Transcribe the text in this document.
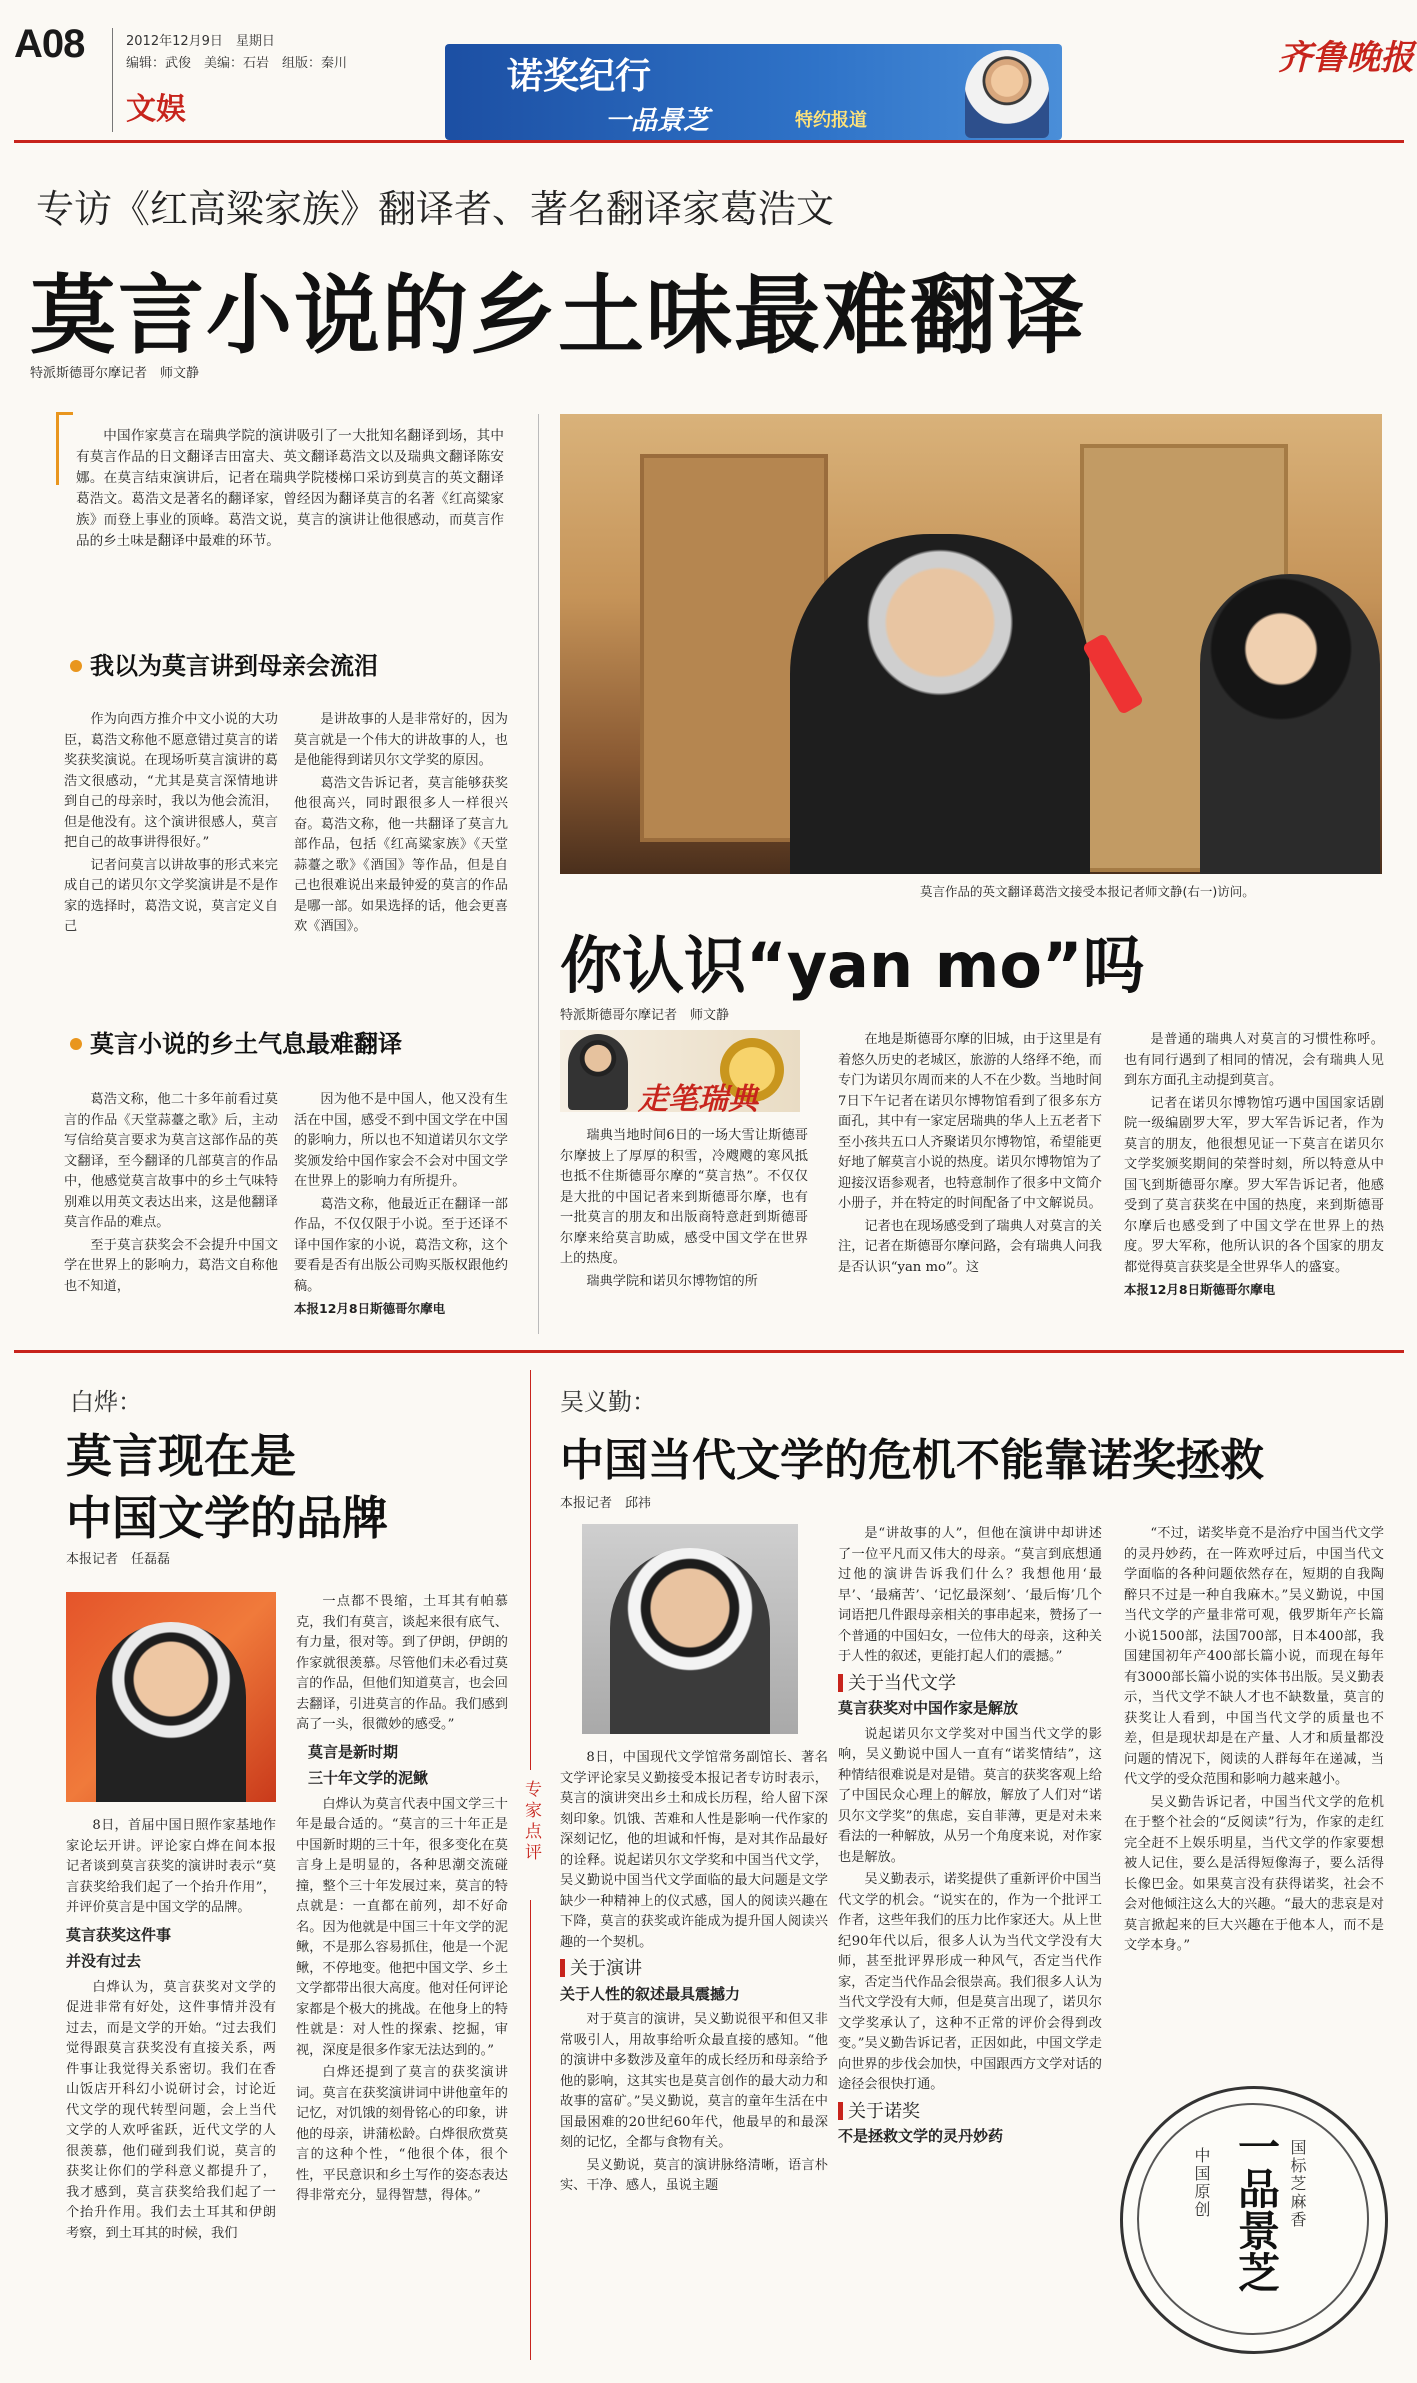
A08	2012年12月9日　星期日
编辑：武俊　美编：石岩　组版：秦川
文娱
诺奖纪行
一品景芝	特约报道
齐鲁晚报
专访《红高粱家族》翻译者、著名翻译家葛浩文
莫言小说的乡土味最难翻译
特派斯德哥尔摩记者　师文静

中国作家莫言在瑞典学院的演讲吸引了一大批知名翻译到场，其中有莫言作品的日文翻译吉田富夫、英文翻译葛浩文以及瑞典文翻译陈安娜。在莫言结束演讲后，记者在瑞典学院楼梯口采访到莫言的英文翻译葛浩文。葛浩文是著名的翻译家，曾经因为翻译莫言的名著《红高粱家族》而登上事业的顶峰。葛浩文说，莫言的演讲让他很感动，而莫言作品的乡土味是翻译中最难的环节。

莫言作品的英文翻译葛浩文接受本报记者师文静(右一)访问。
我以为莫言讲到母亲会流泪

作为向西方推介中文小说的大功臣，葛浩文称他不愿意错过莫言的诺奖获奖演说。在现场听莫言演讲的葛浩文很感动，“尤其是莫言深情地讲到自己的母亲时，我以为他会流泪，但是他没有。这个演讲很感人，莫言把自己的故事讲得很好。”

记者问莫言以讲故事的形式来完成自己的诺贝尔文学奖演讲是不是作家的选择时，葛浩文说，莫言定义自己

是讲故事的人是非常好的，因为莫言就是一个伟大的讲故事的人，也是他能得到诺贝尔文学奖的原因。

葛浩文告诉记者，莫言能够获奖他很高兴，同时跟很多人一样很兴奋。葛浩文称，他一共翻译了莫言九部作品，包括《红高粱家族》《天堂蒜薹之歌》《酒国》等作品，但是自己也很难说出来最钟爱的莫言的作品是哪一部。如果选择的话，他会更喜欢《酒国》。

莫言小说的乡土气息最难翻译

葛浩文称，他二十多年前看过莫言的作品《天堂蒜薹之歌》后，主动写信给莫言要求为莫言这部作品的英文翻译，至今翻译的几部莫言的作品中，他感觉莫言故事中的乡土气味特别难以用英文表达出来，这是他翻译莫言作品的难点。

至于莫言获奖会不会提升中国文学在世界上的影响力，葛浩文自称他也不知道，

因为他不是中国人，他又没有生活在中国，感受不到中国文学在中国的影响力，所以也不知道诺贝尔文学奖颁发给中国作家会不会对中国文学在世界上的影响力有所提升。

葛浩文称，他最近正在翻译一部作品，不仅仅限于小说。至于还译不译中国作家的小说，葛浩文称，这个要看是否有出版公司购买版权跟他约稿。

本报12月8日斯德哥尔摩电

你认识“yan mo”吗
特派斯德哥尔摩记者　师文静
走笔瑞典

瑞典当地时间6日的一场大雪让斯德哥尔摩披上了厚厚的积雪，冷飕飕的寒风抵也抵不住斯德哥尔摩的“莫言热”。不仅仅是大批的中国记者来到斯德哥尔摩，也有一批莫言的朋友和出版商特意赶到斯德哥尔摩来给莫言助威，感受中国文学在世界上的热度。

瑞典学院和诺贝尔博物馆的所

在地是斯德哥尔摩的旧城，由于这里是有着悠久历史的老城区，旅游的人络绎不绝，而专门为诺贝尔周而来的人不在少数。当地时间7日下午记者在诺贝尔博物馆看到了很多东方面孔，其中有一家定居瑞典的华人上五老者下至小孩共五口人齐聚诺贝尔博物馆，希望能更好地了解莫言小说的热度。诺贝尔博物馆为了迎接汉语参观者，也特意制作了很多中文简介小册子，并在特定的时间配备了中文解说员。

记者也在现场感受到了瑞典人对莫言的关注，记者在斯德哥尔摩问路，会有瑞典人问我是否认识“yan mo”。这

是普通的瑞典人对莫言的习惯性称呼。也有同行遇到了相同的情况，会有瑞典人见到东方面孔主动提到莫言。

记者在诺贝尔博物馆巧遇中国国家话剧院一级编剧罗大军，罗大军告诉记者，作为莫言的朋友，他很想见证一下莫言在诺贝尔文学奖颁奖期间的荣誉时刻，所以特意从中国飞到斯德哥尔摩。罗大军告诉记者，他感受到了莫言获奖在中国的热度，来到斯德哥尔摩后也感受到了中国文学在世界上的热度。罗大军称，他所认识的各个国家的朋友都觉得莫言获奖是全世界华人的盛宴。

本报12月8日斯德哥尔摩电

白烨：
莫言现在是
中国文学的品牌
本报记者　任磊磊

8日，首届中国日照作家基地作家论坛开讲。评论家白烨在间本报记者谈到莫言获奖的演讲时表示“莫言获奖给我们起了一个抬升作用”，并评价莫言是中国文学的品牌。

莫言获奖这件事

并没有过去

白烨认为，莫言获奖对文学的促进非常有好处，这件事情并没有过去，而是文学的开始。“过去我们觉得跟莫言获奖没有直接关系，两件事让我觉得关系密切。我们在香山饭店开科幻小说研讨会，讨论近代文学的现代转型问题，会上当代文学的人欢呼雀跃，近代文学的人很羡慕，他们碰到我们说，莫言的获奖让你们的学科意义都提升了，我才感到，莫言获奖给我们起了一个抬升作用。我们去土耳其和伊朗考察，到土耳其的时候，我们

一点都不畏缩，土耳其有帕慕克，我们有莫言，谈起来很有底气、有力量，很对等。到了伊朗，伊朗的作家就很羡慕。尽管他们未必看过莫言的作品，但他们知道莫言，也会回去翻译，引进莫言的作品。我们感到高了一头，很微妙的感受。”

莫言是新时期

三十年文学的泥鳅

白烨认为莫言代表中国文学三十年是最合适的。“莫言的三十年正是中国新时期的三十年，很多变化在莫言身上是明显的，各种思潮交流碰撞，整个三十年发展过来，莫言的特点就是：一直都在前列，却不好命名。因为他就是中国三十年文学的泥鳅，不是那么容易抓住，他是一个泥鳅，不停地变。他把中国文学、乡土文学都带出很大高度。他对任何评论家都是个极大的挑战。在他身上的特性就是：对人性的探索、挖掘，审视，深度是很多作家无法达到的。”

白烨还提到了莫言的获奖演讲词。莫言在获奖演讲词中讲他童年的记忆，对饥饿的刻骨铭心的印象，讲他的母亲，讲蒲松龄。白烨很欣赏莫言的这种个性，“他很个体，很个性，平民意识和乡土写作的姿态表达得非常充分，显得智慧，得体。”

专家点评
吴义勤：
中国当代文学的危机不能靠诺奖拯救
本报记者　邱祎

8日，中国现代文学馆常务副馆长、著名文学评论家吴义勤接受本报记者专访时表示，莫言的演讲突出乡土和成长历程，给人留下深刻印象。饥饿、苦难和人性是影响一代作家的深刻记忆，他的坦诚和忏悔，是对其作品最好的诠释。说起诺贝尔文学奖和中国当代文学，吴义勤说中国当代文学面临的最大问题是文学缺少一种精神上的仪式感，国人的阅读兴趣在下降，莫言的获奖或许能成为提升国人阅读兴趣的一个契机。

关于演讲

关于人性的叙述最具震撼力

对于莫言的演讲，吴义勤说很平和但又非常吸引人，用故事给听众最直接的感知。“他的演讲中多数涉及童年的成长经历和母亲给予他的影响，这其实也是莫言创作的最大动力和故事的富矿。”吴义勤说，莫言的童年生活在中国最困难的20世纪60年代，他最早的和最深刻的记忆，全都与食物有关。

吴义勤说，莫言的演讲脉络清晰，语言朴实、干净、感人，虽说主题

是“讲故事的人”，但他在演讲中却讲述了一位平凡而又伟大的母亲。“莫言到底想通过他的演讲告诉我们什么？我想他用‘最早’、‘最痛苦’、‘记忆最深刻’、‘最后悔’几个词语把几件跟母亲相关的事串起来，赞扬了一个普通的中国妇女，一位伟大的母亲，这种关于人性的叙述，更能打起人们的震撼。”

关于当代文学

莫言获奖对中国作家是解放

说起诺贝尔文学奖对中国当代文学的影响，吴义勤说中国人一直有“诺奖情结”，这种情结很难说是对是错。莫言的获奖客观上给了中国民众心理上的解放，解放了人们对“诺贝尔文学奖”的焦虑，妄自菲薄，更是对未来看法的一种解放，从另一个角度来说，对作家也是解放。

吴义勤表示，诺奖提供了重新评价中国当代文学的机会。“说实在的，作为一个批评工作者，这些年我们的压力比作家还大。从上世纪90年代以后，很多人认为当代文学没有大师，甚至批评界形成一种风气，否定当代作家，否定当代作品会很崇高。我们很多人认为当代文学没有大师，但是莫言出现了，诺贝尔文学奖承认了，这种不正常的评价会得到改变。”吴义勤告诉记者，正因如此，中国文学走向世界的步伐会加快，中国跟西方文学对话的途径会很快打通。

关于诺奖

不是拯救文学的灵丹妙药

“不过，诺奖毕竟不是治疗中国当代文学的灵丹妙药，在一阵欢呼过后，中国当代文学面临的各种问题依然存在，短期的自我陶醉只不过是一种自我麻木。”吴义勤说，中国当代文学的产量非常可观，俄罗斯年产长篇小说1500部，法国700部，日本400部，我国建国初年产400部长篇小说，而现在每年有3000部长篇小说的实体书出版。吴义勤表示，当代文学不缺人才也不缺数量，莫言的获奖让人看到，中国当代文学的质量也不差，但是现状却是在产量、人才和质量都没问题的情况下，阅读的人群每年在递减，当代文学的受众范围和影响力越来越小。

吴义勤告诉记者，中国当代文学的危机在于整个社会的“反阅读”行为，作家的走红完全赶不上娱乐明星，当代文学的作家要想被人记住，要么是活得短像海子，要么活得长像巴金。如果莫言没有获得诺奖，社会不会对他倾注这么大的兴趣。“最大的悲哀是对莫言掀起来的巨大兴趣在于他本人，而不是文学本身。”

一品景芝 国标芝麻香
中国原创
